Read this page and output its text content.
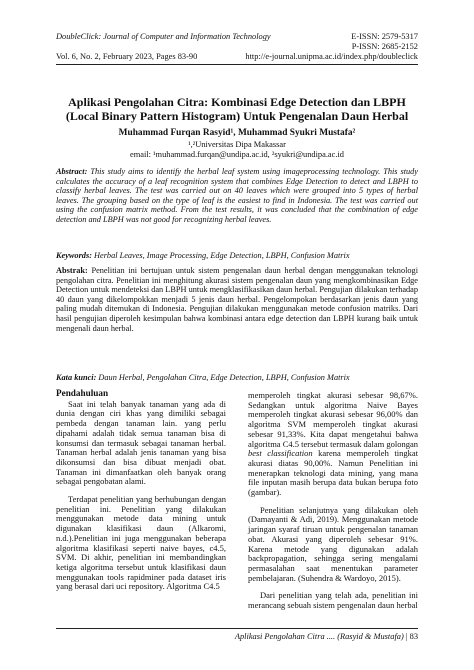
DoubleClick: Journal of Computer and Information Technology	E-ISSN: 2579-5317
P-ISSN: 2685-2152
Vol. 6, No. 2, February 2023, Pages 83-90	http://e-journal.unipma.ac.id/index.php/doubleclick
Aplikasi Pengolahan Citra: Kombinasi Edge Detection dan LBPH (Local Binary Pattern Histogram) Untuk Pengenalan Daun Herbal
Muhammad Furqan Rasyid¹, Muhammad Syukri Mustafa²
¹,²Universitas Dipa Makassar
email: ¹muhammad.furqan@undipa.ac.id, ²syukri@undipa.ac.id
Abstract: This study aims to identify the herbal leaf system using imageprocessing technology. This study calculates the accuracy of a leaf recognition system that combines Edge Detection to detect and LBPH to classify herbal leaves. The test was carried out on 40 leaves which were grouped into 5 types of herbal leaves. The grouping based on the type of leaf is the easiest to find in Indonesia. The test was carried out using the confusion matrix method. From the test results, it was concluded that the combination of edge detection and LBPH was not good for recognizing herbal leaves.
Keywords: Herbal Leaves, Image Processing, Edge Detection, LBPH, Confusion Matrix
Abstrak: Penelitian ini bertujuan untuk sistem pengenalan daun herbal dengan menggunakan teknologi pengolahan citra. Penelitian ini menghitung akurasi sistem pengenalan daun yang mengkombinasikan Edge Detection untuk mendeteksi dan LBPH untuk mengklasifikasikan daun herbal. Pengujian dilakukan terhadap 40 daun yang dikelompokkan menjadi 5 jenis daun herbal. Pengelompokan berdasarkan jenis daun yang paling mudah ditemukan di Indonesia. Pengujian dilakukan menggunakan metode confusion matriks. Dari hasil pengujian diperoleh kesimpulan bahwa kombinasi antara edge detection dan LBPH kurang baik untuk mengenali daun herbal.
Kata kunci: Daun Herbal, Pengolahan Citra, Edge Detection, LBPH, Confusion Matrix
Pendahuluan

Saat ini telah banyak tanaman yang ada di dunia dengan ciri khas yang dimiliki sebagai pembeda dengan tanaman lain. yang perlu dipahami adalah tidak semua tanaman bisa di konsumsi dan termasuk sebagai tanaman herbal. Tanaman herbal adalah jenis tanaman yang bisa dikonsumsi dan bisa dibuat menjadi obat. Tanaman ini dimanfaatkan oleh banyak orang sebagai pengobatan alami.

Terdapat penelitian yang berhubungan dengan penelitian ini. Penelitian yang dilakukan menggunakan metode data mining untuk digunakan klasifikasi daun (Alkaromi, n.d.).Penelitian ini juga menggunakan beberapa algoritma klasifikasi seperti naive bayes, c4.5, SVM. Di akhir, penelitian ini membandingkan ketiga algoritma tersebut untuk klasifikasi daun menggunakan tools rapidminer pada dataset iris yang berasal dari uci repository. Algoritma C4.5

memperoleh tingkat akurasi sebesar 98,67%. Sedangkan untuk algoritma Naive Bayes memperoleh tingkat akurasi sebesar 96,00% dan algoritma SVM memperoleh tingkat akurasi sebesar 91,33%. Kita dapat mengetahui bahwa algoritma C4.5 tersebut termasuk dalam golongan best classification karena memperoleh tingkat akurasi diatas 90,00%. Namun Penelitian ini menerapkan teknologi data mining, yang mana file inputan masih berupa data bukan berupa foto (gambar).

Penelitian selanjutnya yang dilakukan oleh (Damayanti & Adi, 2019). Menggunakan metode jaringan syaraf tiruan untuk pengenalan tanaman obat. Akurasi yang diperoleh sebesar 91%. Karena metode yang digunakan adalah backpropagation, sehingga sering mengalami permasalahan saat menentukan parameter pembelajaran. (Suhendra & Wardoyo, 2015).

Dari penelitian yang telah ada, penelitian ini merancang sebuah sistem pengenalan daun herbal

Aplikasi Pengolahan Citra .... (Rasyid & Mustafa) | 83
